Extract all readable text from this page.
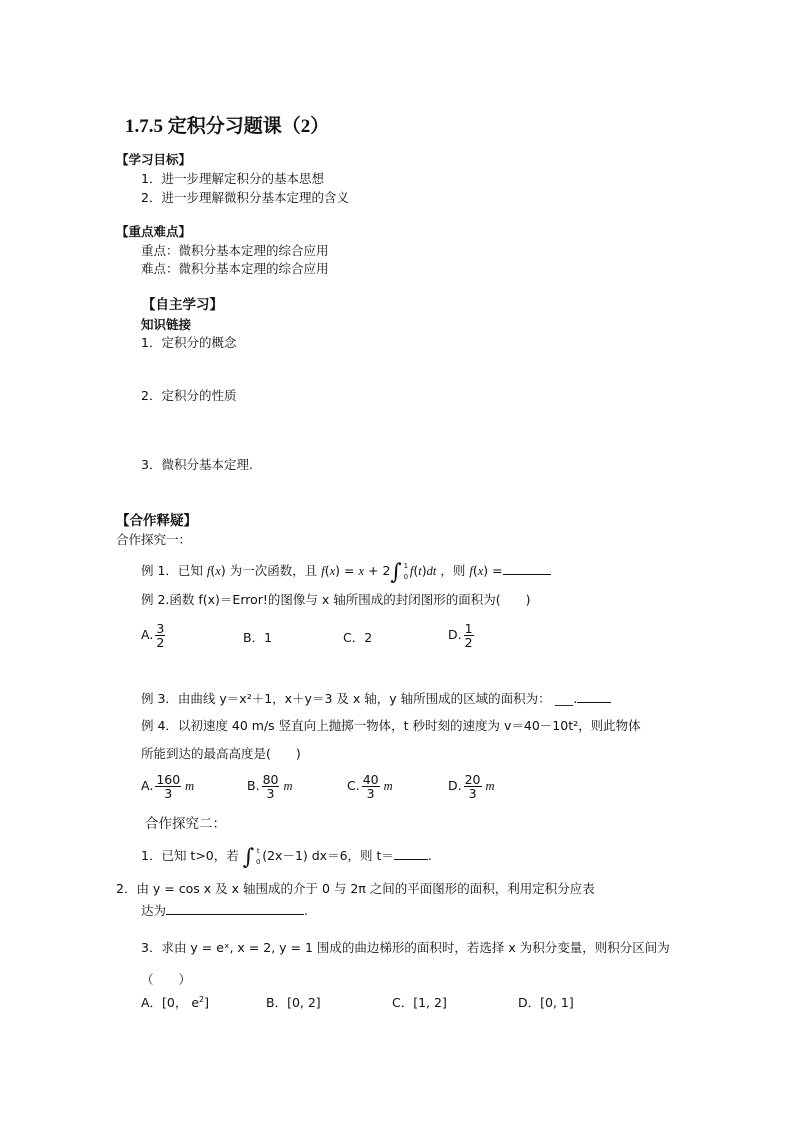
1.7.5 定积分习题课（2）
【学习目标】
1．进一步理解定积分的基本思想
2．进一步理解微积分基本定理的含义
【重点难点】
重点：微积分基本定理的综合应用
难点：微积分基本定理的综合应用
【自主学习】
知识链接
1．定积分的概念
2．定积分的性质
3．微积分基本定理.
【合作释疑】
合作探究一：
例 1．已知 f(x) 为一次函数，且 f(x) = x + 2∫ 1
0 f(t)dt ，则 f(x) =
例 2.函数 f(x)＝Error!的图像与 x 轴所围成的封闭图形的面积为(　　)
A. $\frac{3}{2}$	B．1	C．2	D. $\frac{1}{2}$
例 3．由曲线 y＝x²＋1，x＋y＝3 及 x 轴，y 轴所围成的区域的面积为： ___.
例 4．以初速度 40 m/s 竖直向上抛掷一物体，t 秒时刻的速度为 v＝40－10t²，则此物体
所能到达的最高高度是(　　)
A. $\frac{160}{3}$ m	B. $\frac{80}{3}$ m	C. $\frac{40}{3}$ m	D. $\frac{20}{3}$ m
合作探究二：
1．已知 t>0，若 ∫ t
0 (2x－1) dx＝6，则 t＝	.
2．由 y = cos x 及 x 轴围成的介于 0 与 2π 之间的平面图形的面积，利用定积分应表
达为	.
3．求由 y = eˣ, x = 2, y = 1 围成的曲边梯形的面积时，若选择 x 为积分变量，则积分区间为
（　　）
A．[0， $e^2$]	B．[0, 2]	C．[1, 2]	D．[0, 1]
